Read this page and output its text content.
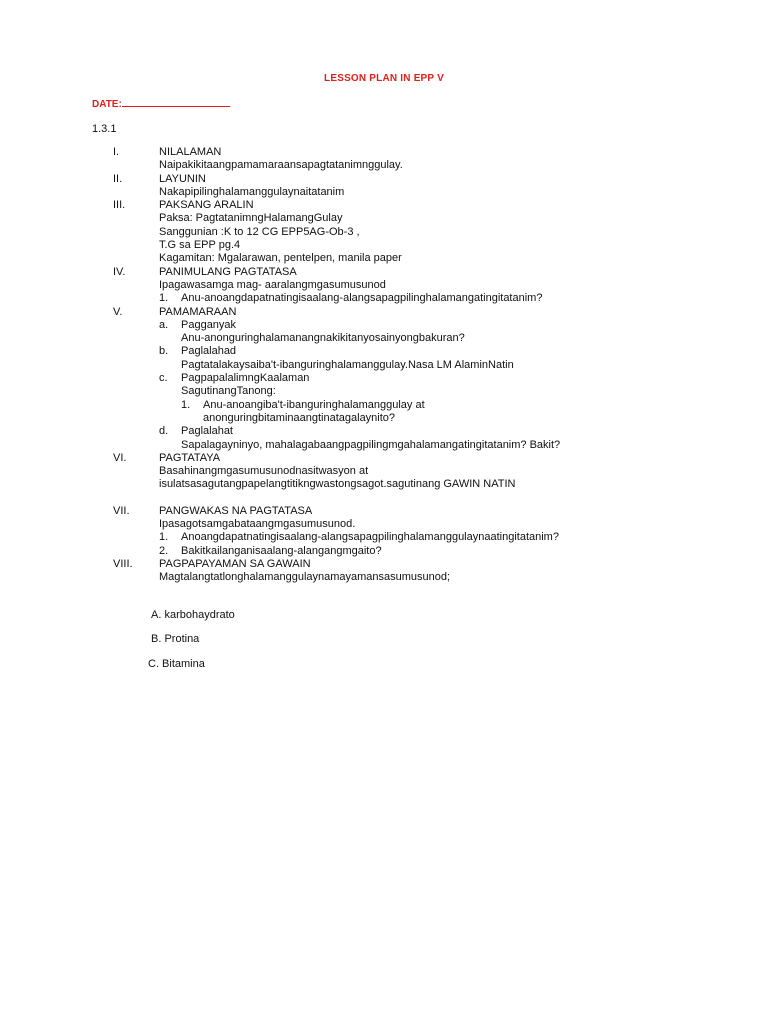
LESSON PLAN IN EPP V
DATE:
1.3.1
I.	NILALAMAN
Naipakikitaangpamamaraansapagtatanimnggulay.
II.	LAYUNIN
Nakapipilinghalamanggulaynaitatanim
III.	PAKSANG ARALIN
Paksa: PagtatanimngHalamangGulay
Sanggunian :K to 12 CG EPP5AG-Ob-3 ,
T.G sa EPP pg.4
Kagamitan: Mgalarawan, pentelpen, manila paper
IV.	PANIMULANG PAGTATASA
Ipagawasamga mag- aaralangmgasumusunod
1.	Anu-anoangdapatnatingisaalang-alangsapagpilinghalamangatingitatanim?
V.	PAMAMARAAN
a.	Pagganyak
Anu-anonguringhalamanangnakikitanyosainyongbakuran?
b.	Paglalahad
Pagtatalakaysaiba't-ibanguringhalamanggulay.Nasa LM AlaminNatin
c.	PagpapalalimngKaalaman
SagutinangTanong:
1.	Anu-anoangiba't-ibanguringhalamanggulay at
anonguringbitaminaangtinatagalaynito?
d.	Paglalahat
Sapalagayninyo, mahalagabaangpagpilingmgahalamangatingitatanim? Bakit?
VI.	PAGTATAYA
Basahinangmgasumusunodnasitwasyon at
isulatsasagutangpapelangtitikngwastongsagot.sagutinang GAWIN NATIN
VII.	PANGWAKAS NA PAGTATASA
Ipasagotsamgabataangmgasumusunod.
1.	Anoangdapatnatingisaalang-alangsapagpilinghalamanggulaynaatingitatanim?
2.	Bakitkailanganisaalang-alangangmgaito?
VIII.	PAGPAPAYAMAN SA GAWAIN
Magtalangtatlonghalamanggulaynamayamansasumusunod;
A. karbohaydrato
B. Protina
C. Bitamina
